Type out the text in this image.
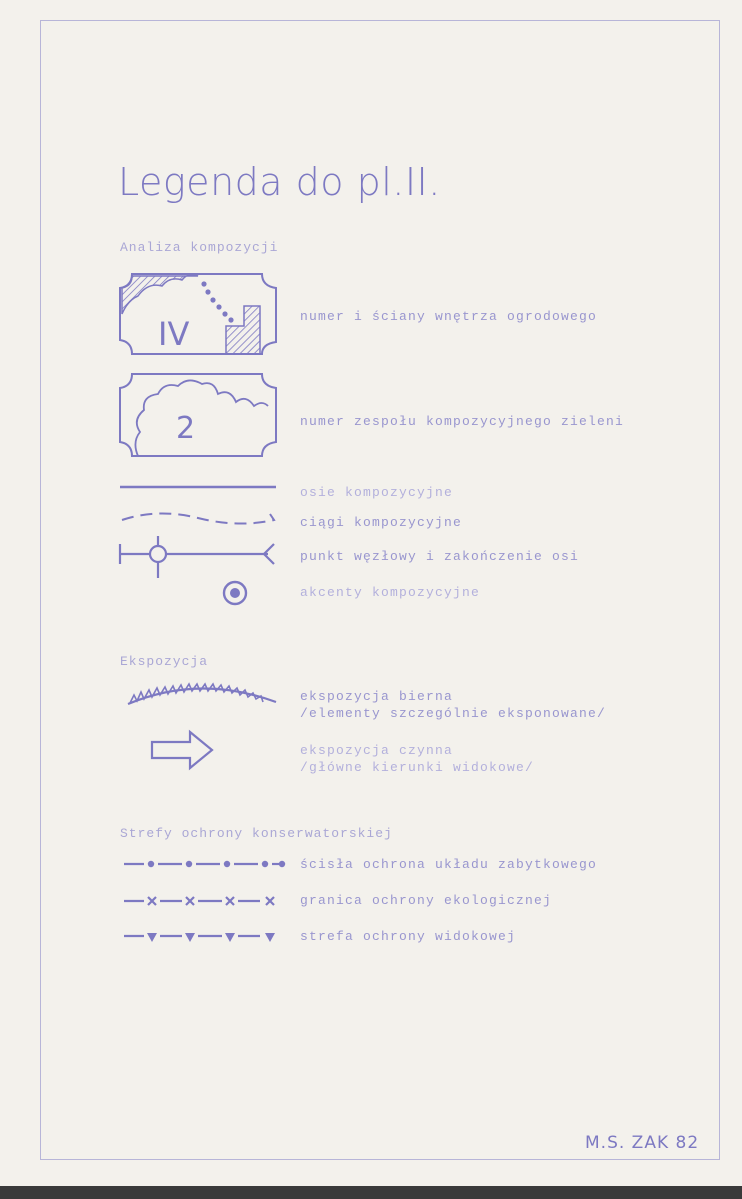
Legenda do pl.II.
Analiza kompozycji
IV	numer i ściany wnętrza ogrodowego
2	numer zespołu kompozycyjnego zieleni
osie kompozycyjne
ciągi kompozycyjne
punkt węzłowy i zakończenie osi
akcenty kompozycyjne
Ekspozycja
ekspozycja bierna
/elementy szczególnie eksponowane/
ekspozycja czynna
/główne kierunki widokowe/
Strefy ochrony konserwatorskiej
ścisła ochrona układu zabytkowego
granica ochrony ekologicznej
strefa ochrony widokowej
M.S. ZAK 82
